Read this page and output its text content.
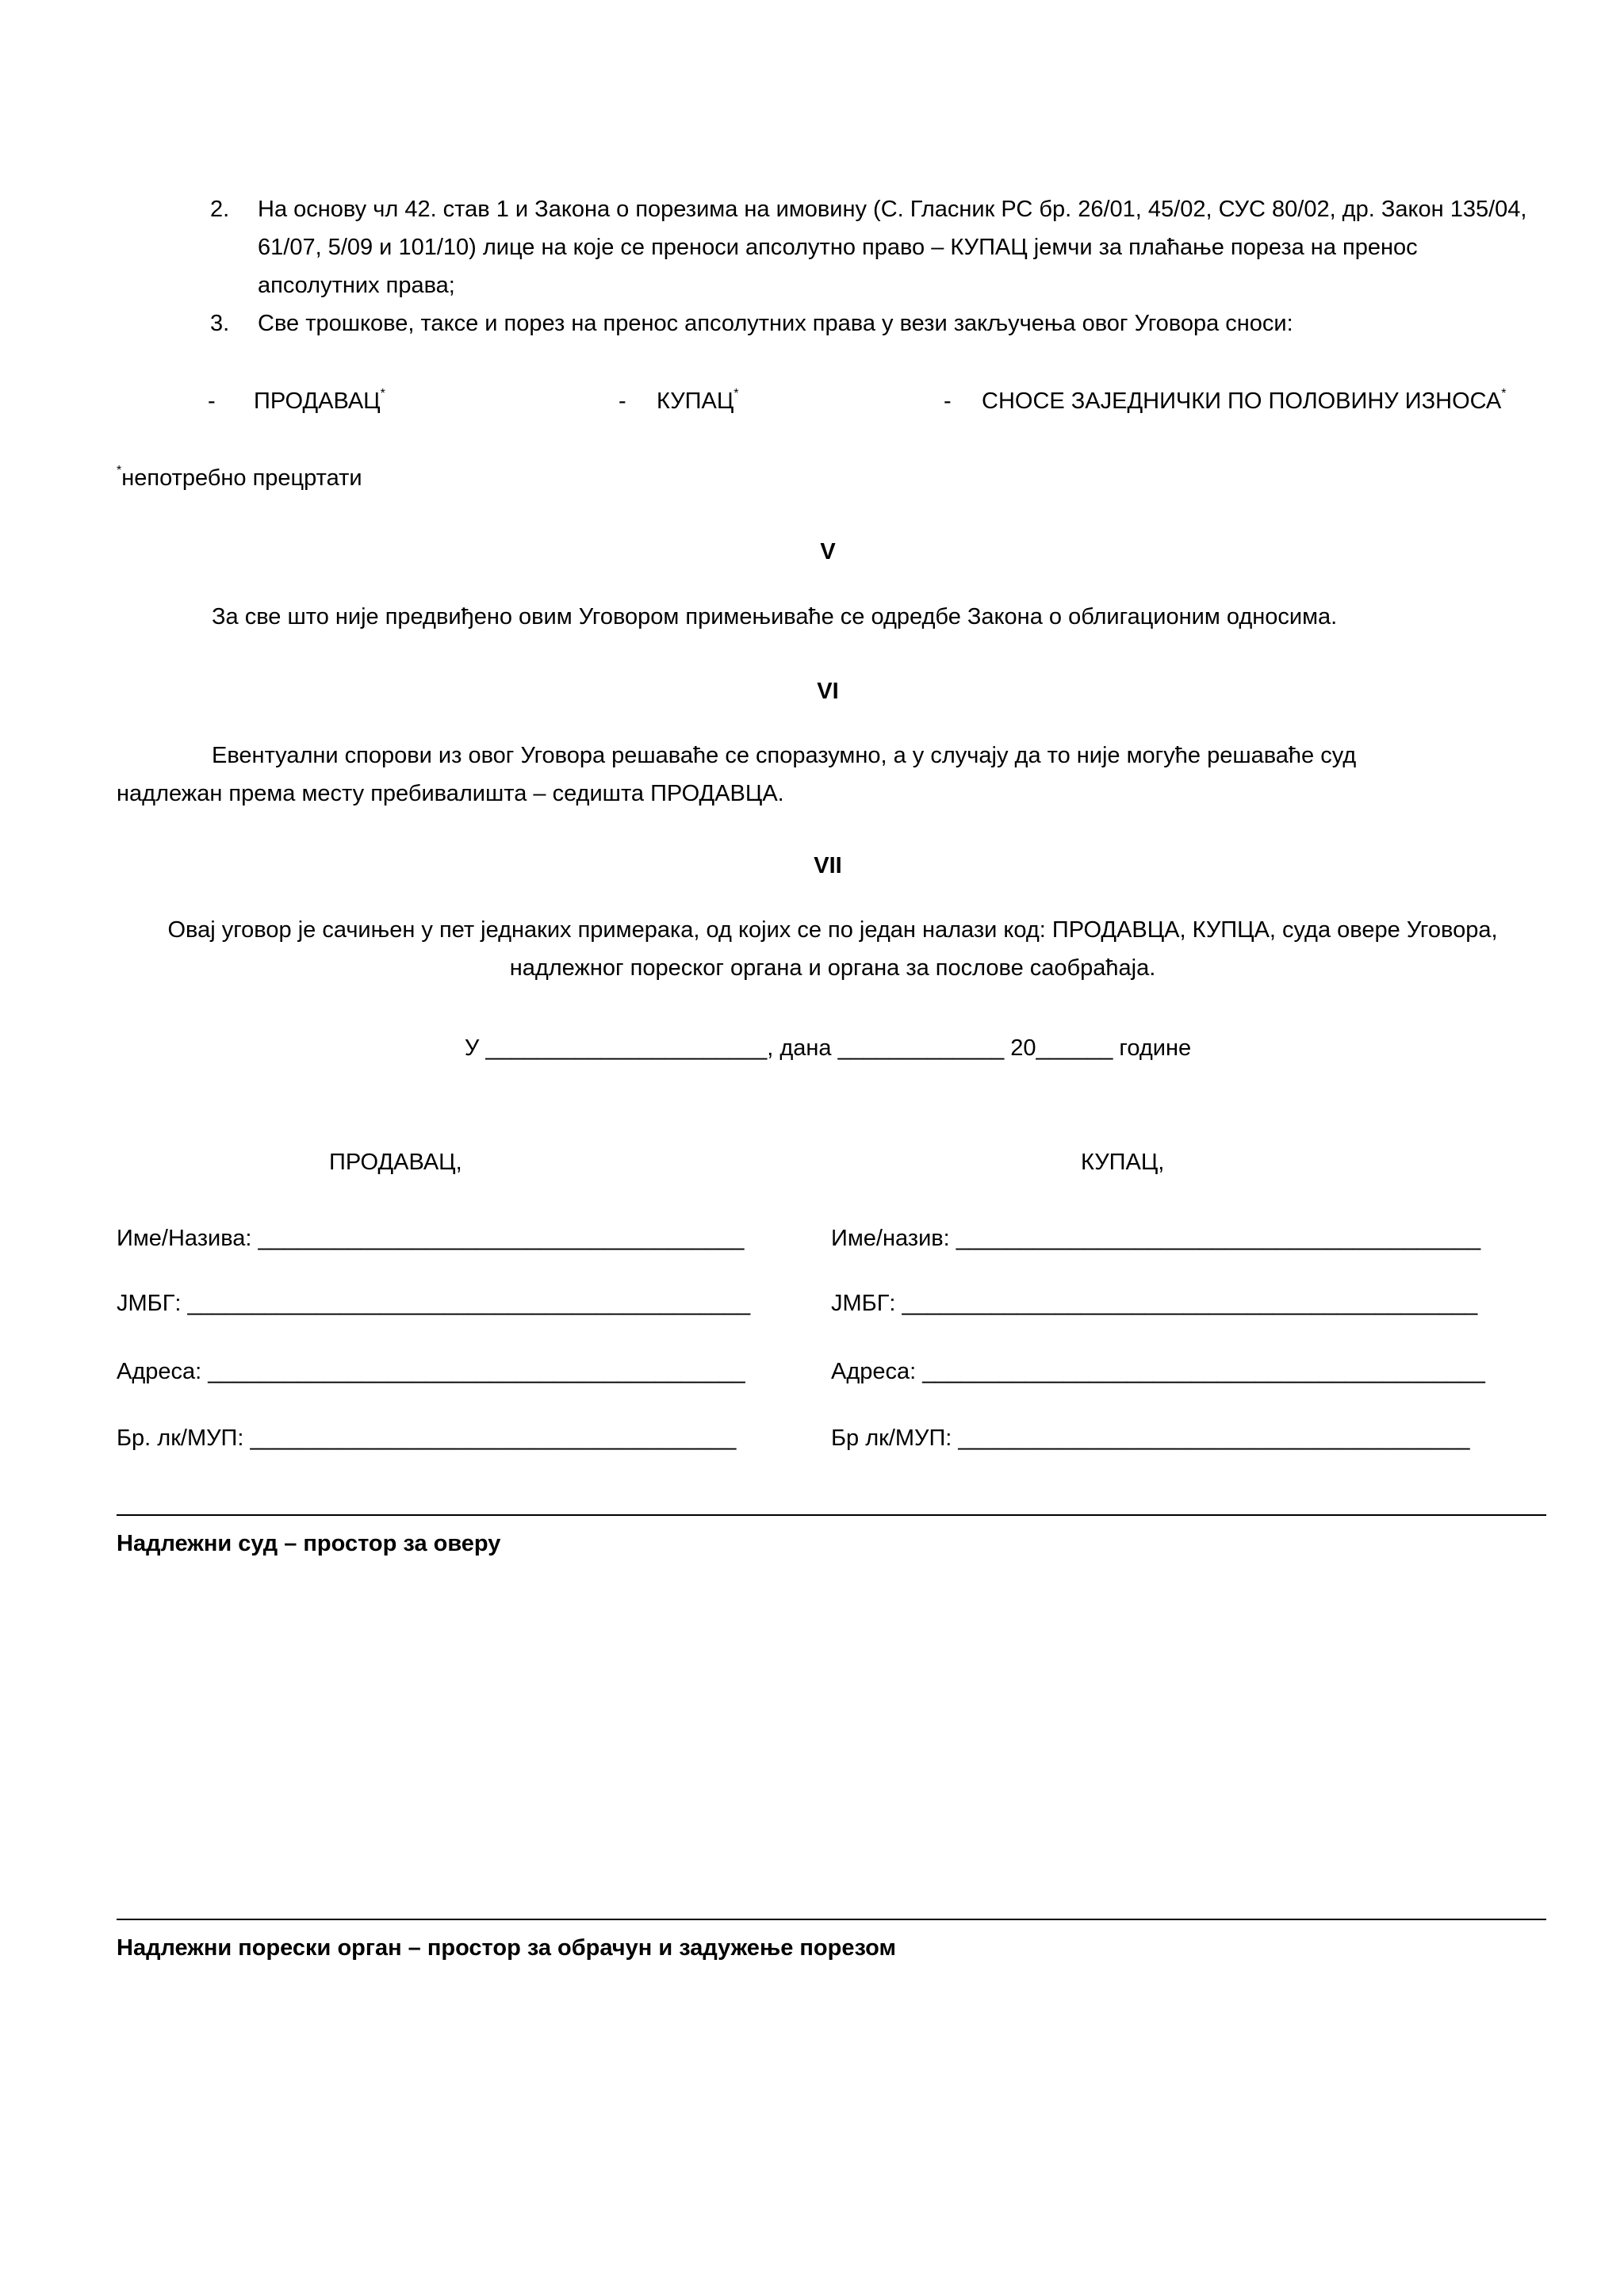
2.	На основу чл 42. став 1 и Закона о порезима на имовину (С. Гласник РС бр. 26/01, 45/02, СУС 80/02, др. Закон 135/04, 61/07, 5/09 и 101/10) лице на које се преноси апсолутно право – КУПАЦ јемчи за плаћање пореза на пренос апсолутних права;
3.	Све трошкове, таксе и порез на пренос апсолутних права у вези закључења овог Уговора сноси:
- ПРОДАВАЦ*	- КУПАЦ*	- СНОСЕ ЗАЈЕДНИЧКИ ПО ПОЛОВИНУ ИЗНОСА*
*непотребно прецртати
V
За све што није предвиђено овим Уговором примењиваће се одредбе Закона о облигационим односима.
VI
Евентуални спорови из овог Уговора решаваће се споразумно, а у случају да то није могуће решаваће суд надлежан према месту пребивалишта – седишта ПРОДАВЦА.
VII
Овај уговор је сачињен у пет једнаких примерака, од којих се по један налази код: ПРОДАВЦА, КУПЦА, суда овере Уговора, надлежног пореског органа и органа за послове саобраћаја.
У ______________________, дана _____________ 20______ године
ПРОДАВАЦ,	КУПАЦ,
Име/Назива: ______________________________________	Име/назив: _________________________________________
ЈМБГ: ____________________________________________	ЈМБГ: _____________________________________________
Адреса: __________________________________________	Адреса: ____________________________________________
Бр. лк/МУП: ______________________________________	Бр лк/МУП: ________________________________________
Надлежни суд – простор за оверу
Надлежни порески орган – простор за обрачун и задужење порезом
